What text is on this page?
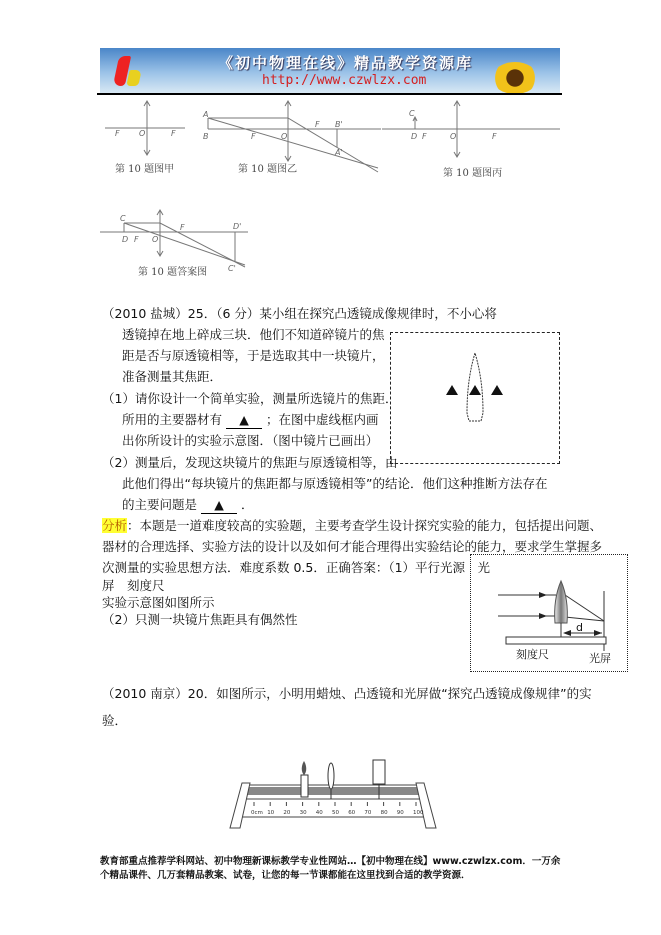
《初中物理在线》精品教学资源库
http://www.czwlzx.com
F O	F
第 10 题图甲
A
B	F	O
F B'
A'
第 10 题图乙
C
D F	O	F
第 10 题图丙
C
D F O
F	D'
C'
第 10 题答案图
（2010 盐城）25．（6 分）某小组在探究凸透镜成像规律时，不小心将
透镜掉在地上碎成三块．他们不知道碎镜片的焦
距是否与原透镜相等，于是选取其中一块镜片，
准备测量其焦距．
（1）请你设计一个简单实验，测量所选镜片的焦距．
所用的主要器材有 ▲ ；在图中虚线框内画
出你所设计的实验示意图．（图中镜片已画出）
（2）测量后，发现这块镜片的焦距与原透镜相等，由
此他们得出“每块镜片的焦距都与原透镜相等”的结论．他们这种推断方法存在
的主要问题是 ▲ ．
分析：本题是一道难度较高的实验题，主要考查学生设计探究实验的能力，包括提出问题、
器材的合理选择、实验方法的设计以及如何才能合理得出实验结论的能力，要求学生掌握多
次测量的实验思想方法．难度系数 0.5．正确答案：（1）平行光源　光
屏　刻度尺
实验示意图如图所示
（2）只测一块镜片焦距具有偶然性
d
刻度尺	光屏
（2010 南京）20．如图所示，小明用蜡烛、凸透镜和光屏做“探究凸透镜成像规律”的实
验．
0cm 10 20 30 40 50 60 70 80 90 100
教育部重点推荐学科网站、初中物理新课标教学专业性网站…【初中物理在线】www.czwlzx.com．一万余
个精品课件、几万套精品教案、试卷，让您的每一节课都能在这里找到合适的教学资源．
